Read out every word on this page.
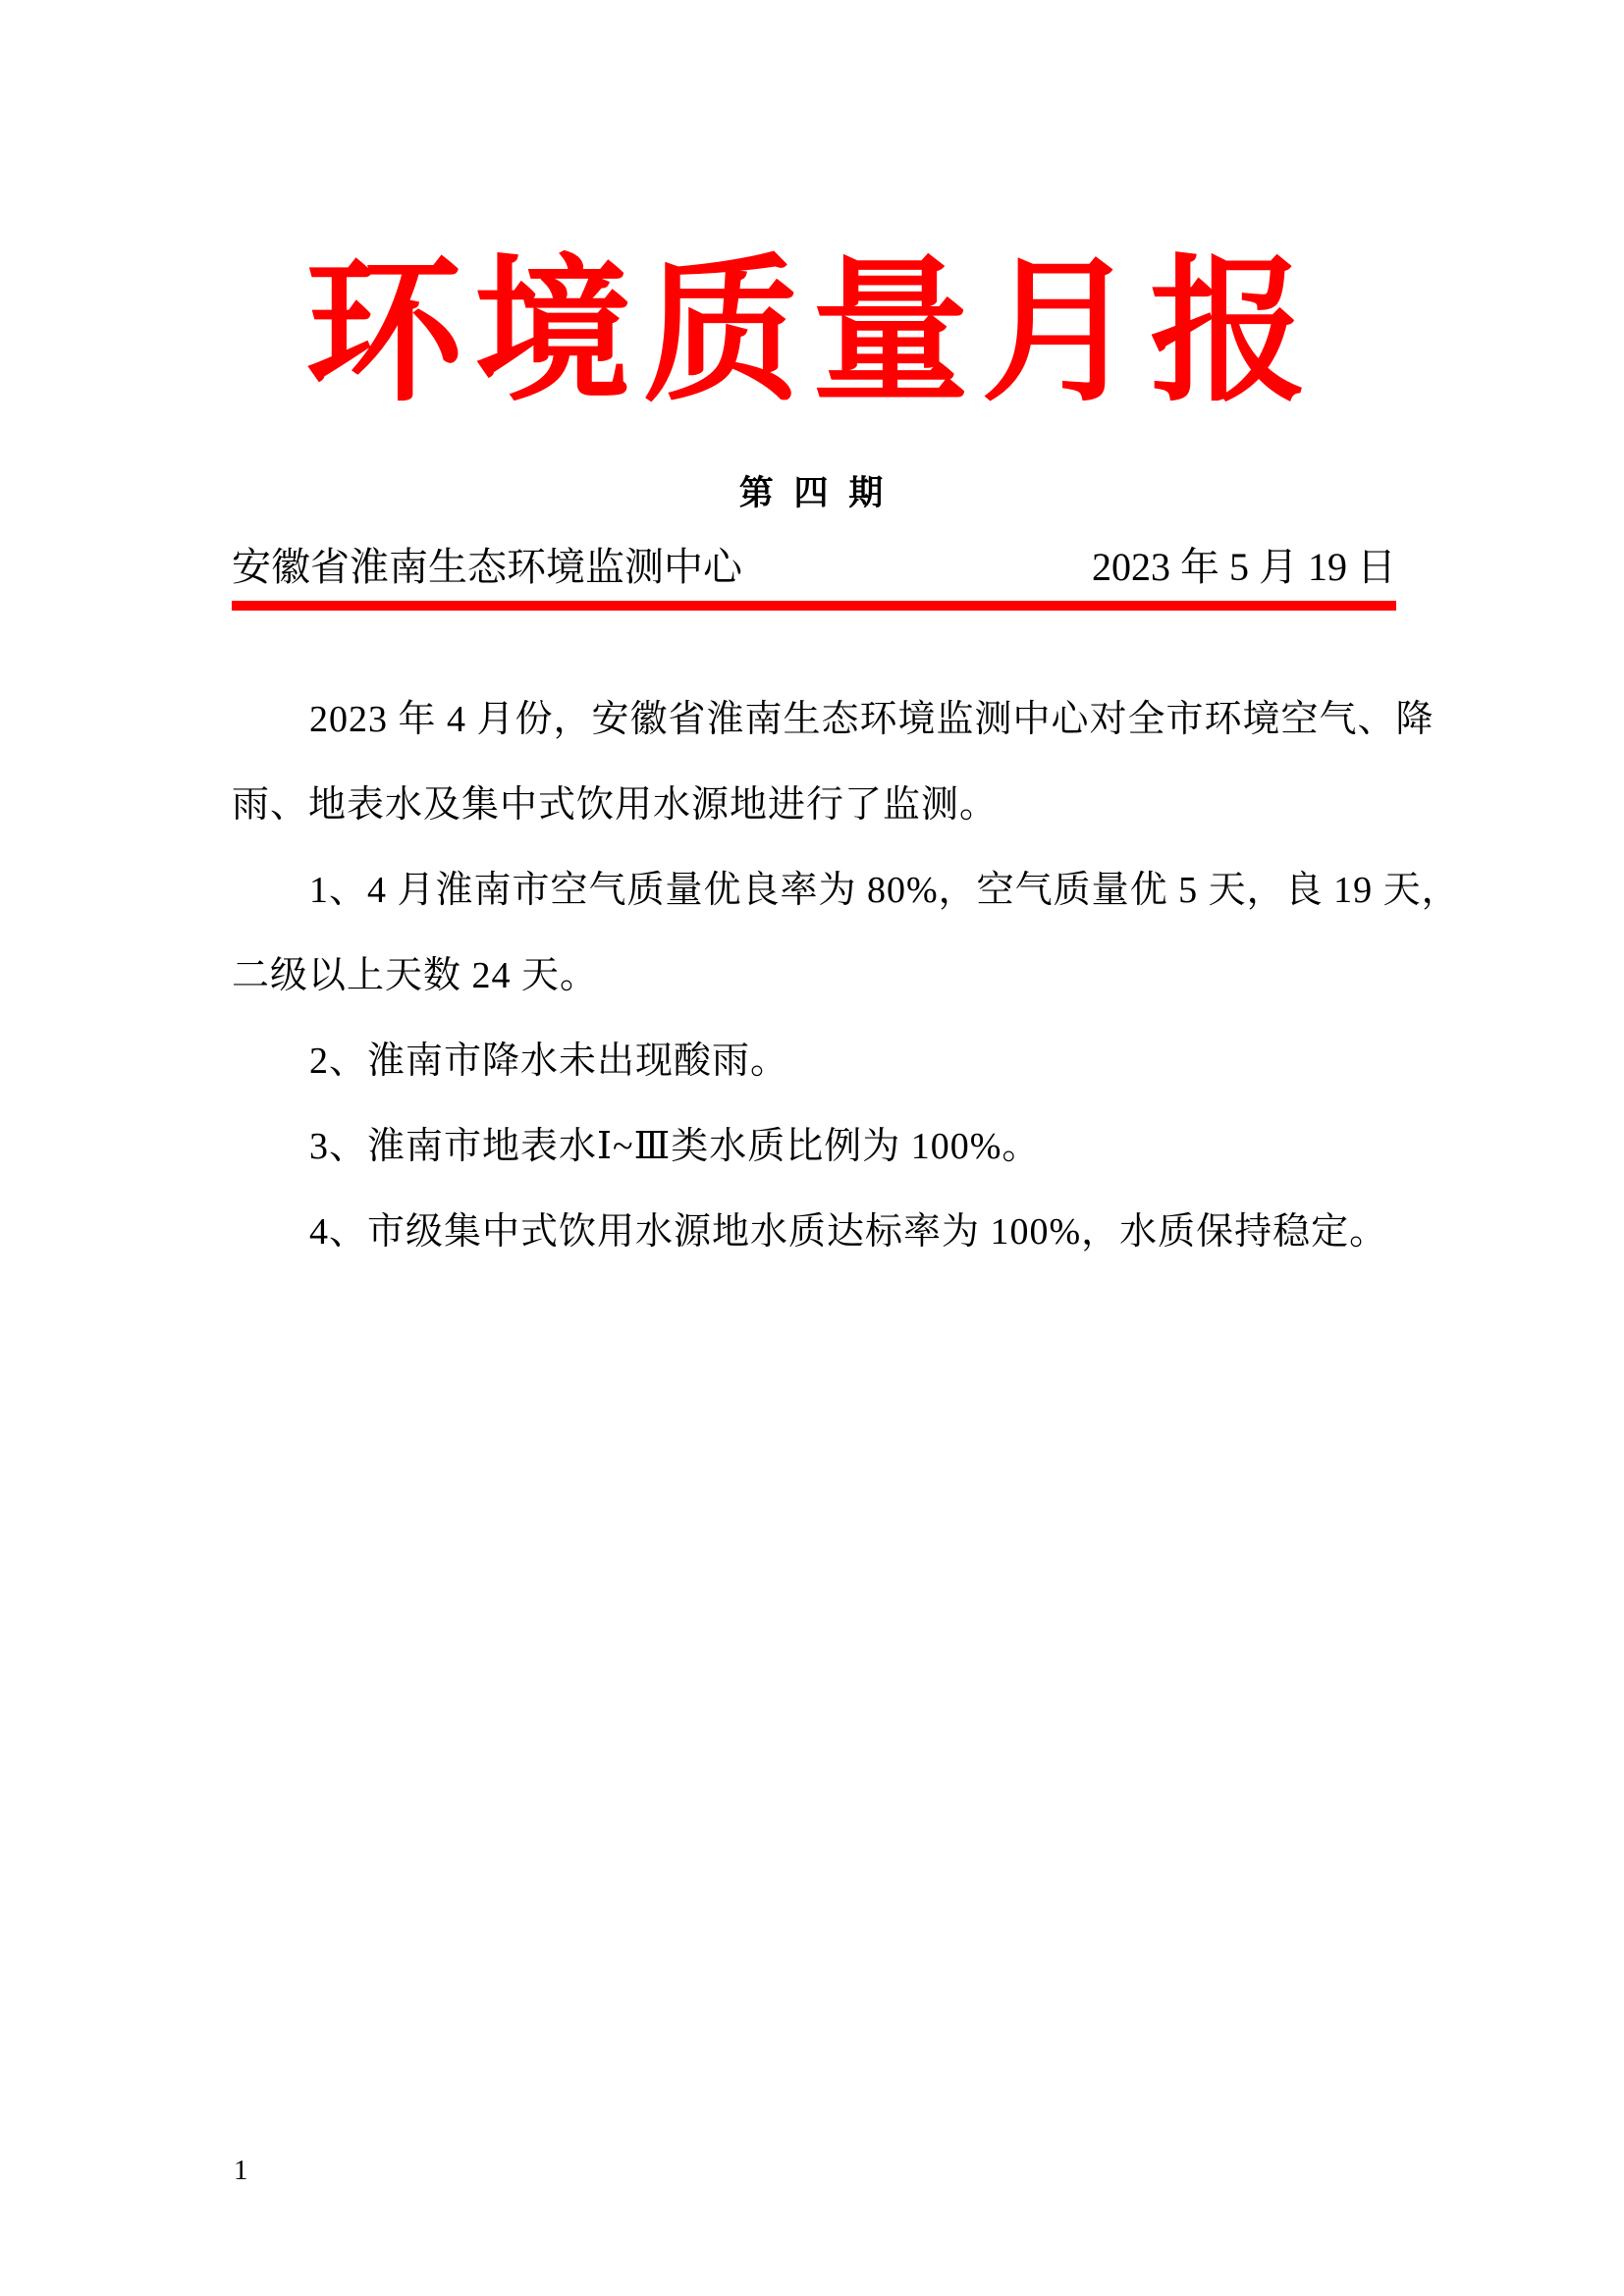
环境质量月报
第 四 期
安徽省淮南生态环境监测中心	2023 年 5 月 19 日
2023 年 4 月份，安徽省淮南生态环境监测中心对全市环境空气、降
雨、地表水及集中式饮用水源地进行了监测。
1、4 月淮南市空气质量优良率为 80%，空气质量优 5 天，良 19 天，
二级以上天数 24 天。
2、淮南市降水未出现酸雨。
3、淮南市地表水Ⅰ~Ⅲ类水质比例为 100%。
4、市级集中式饮用水源地水质达标率为 100%，水质保持稳定。
1
